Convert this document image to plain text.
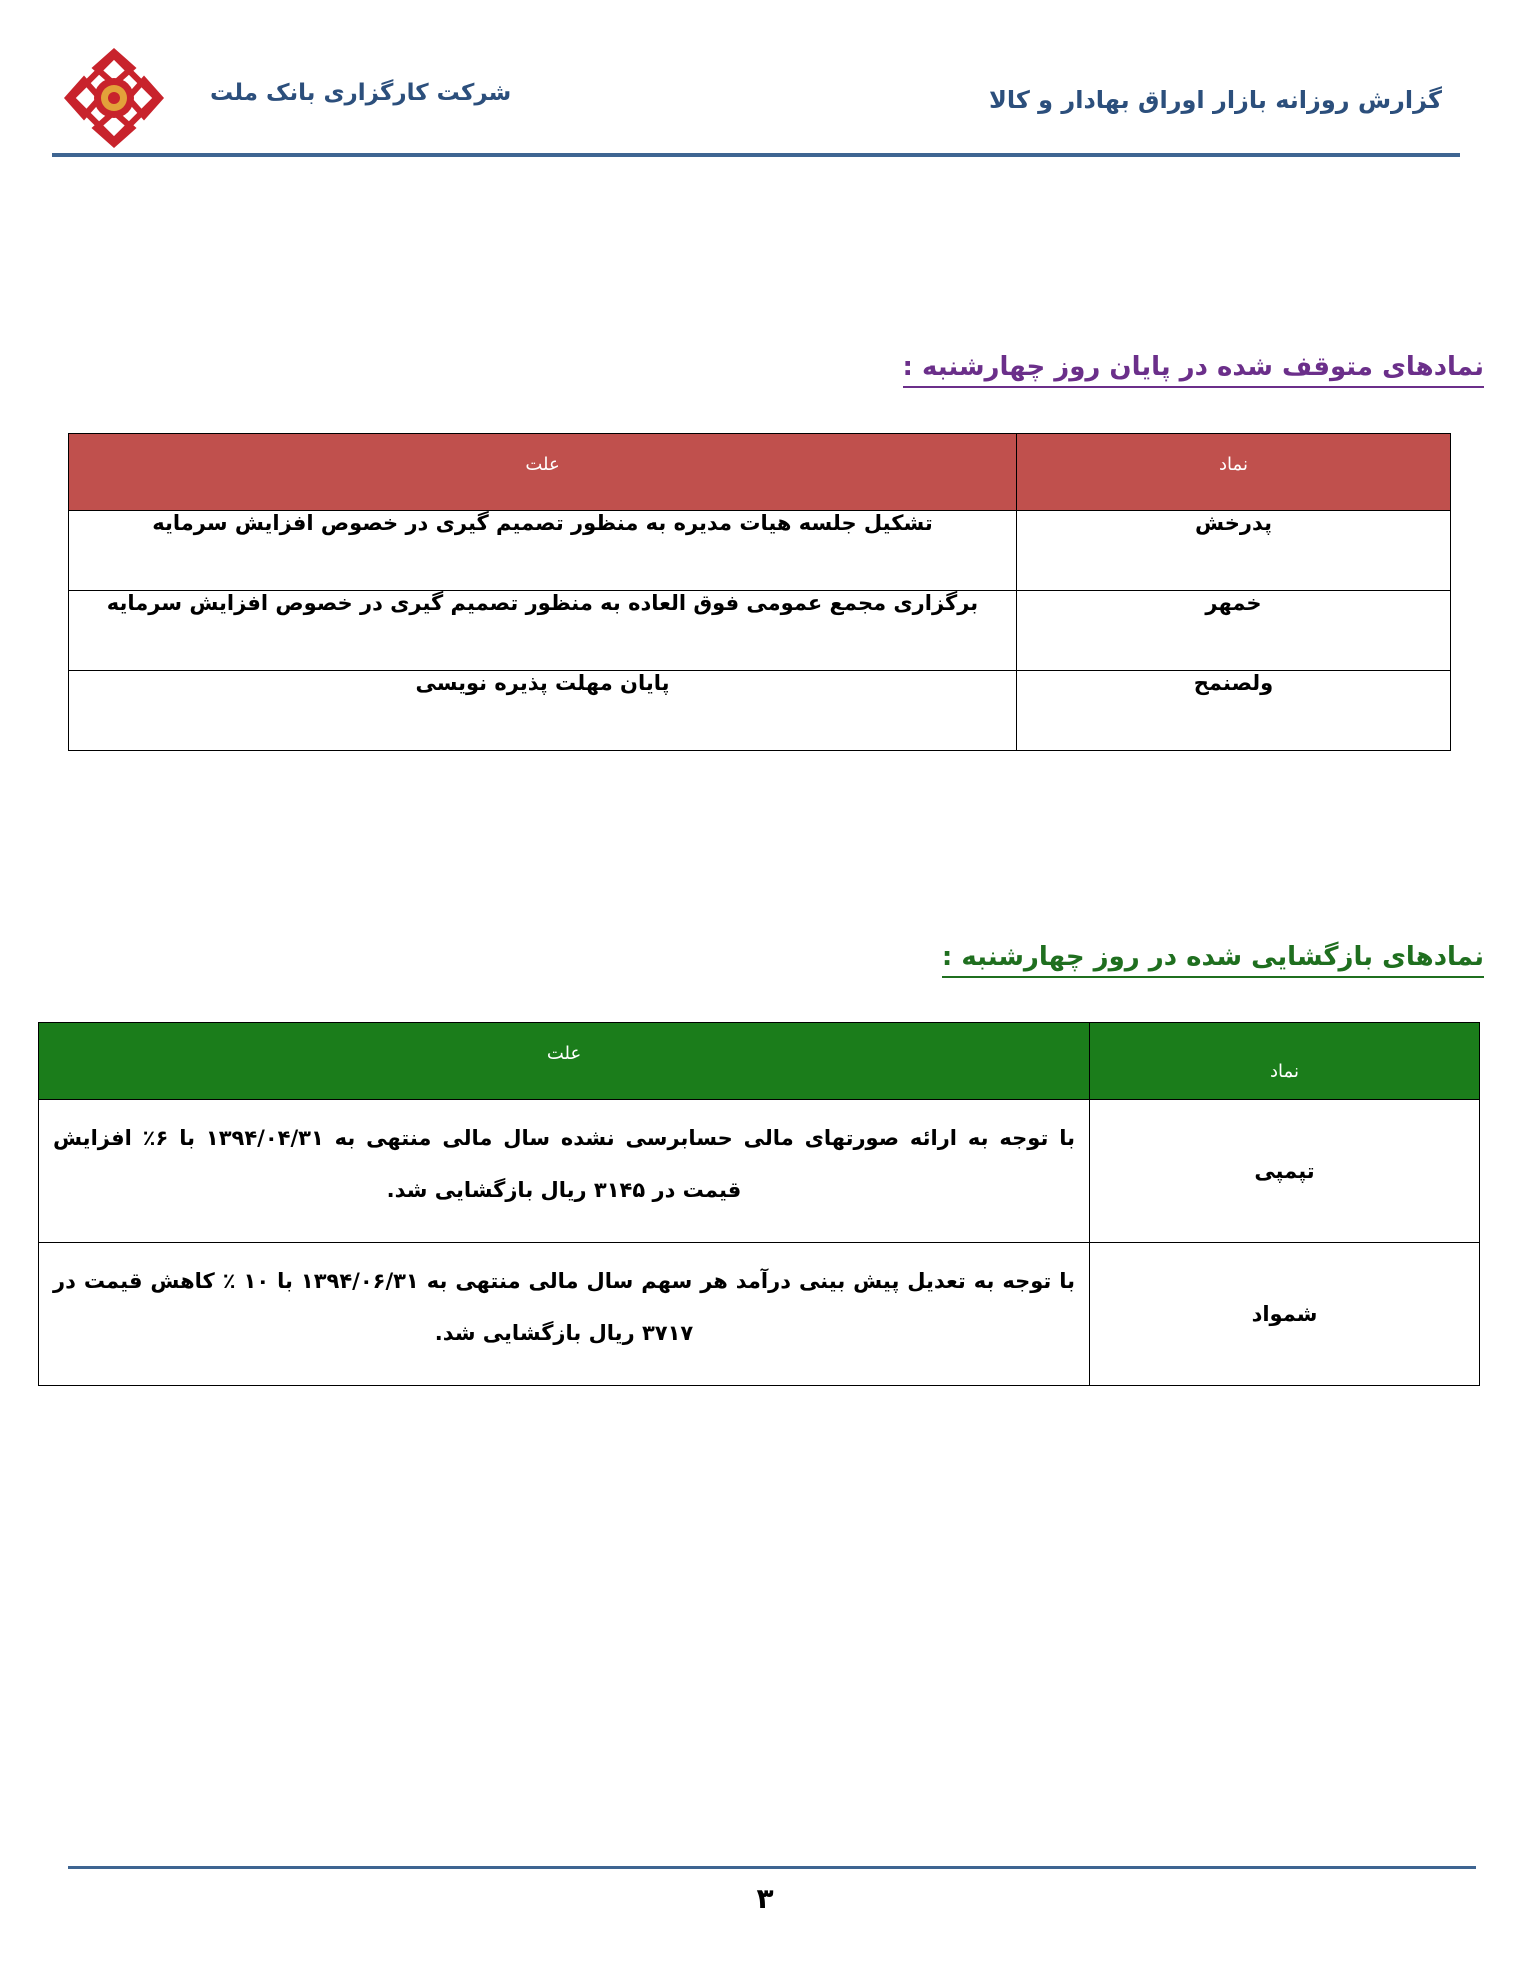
شرکت کارگزاری بانک ملت	گزارش روزانه بازار اوراق بهادار و کالا
نمادهای متوقف شده در پایان روز چهارشنبه :
نماد	علت
پدرخش	تشکیل جلسه هیات مدیره به منظور تصمیم گیری در خصوص افزایش سرمایه
خمهر	برگزاری مجمع عمومی فوق العاده به منظور تصمیم گیری در خصوص افزایش سرمایه
ولصنمح	پایان مهلت پذیره نویسی
نمادهای بازگشایی شده در روز چهارشنبه :
نماد	علت
تپمپی	با توجه به ارائه صورتهای مالی حسابرسی نشده سال مالی منتهی به ۱۳۹۴/۰۴/۳۱ با ۶٪ افزایش قیمت در ۳۱۴۵ ریال بازگشایی شد.
شمواد	با توجه به تعدیل پیش بینی درآمد هر سهم سال مالی منتهی به ۱۳۹۴/۰۶/۳۱ با ۱۰ ٪ کاهش قیمت در ۳۷۱۷ ریال بازگشایی شد.
۳
